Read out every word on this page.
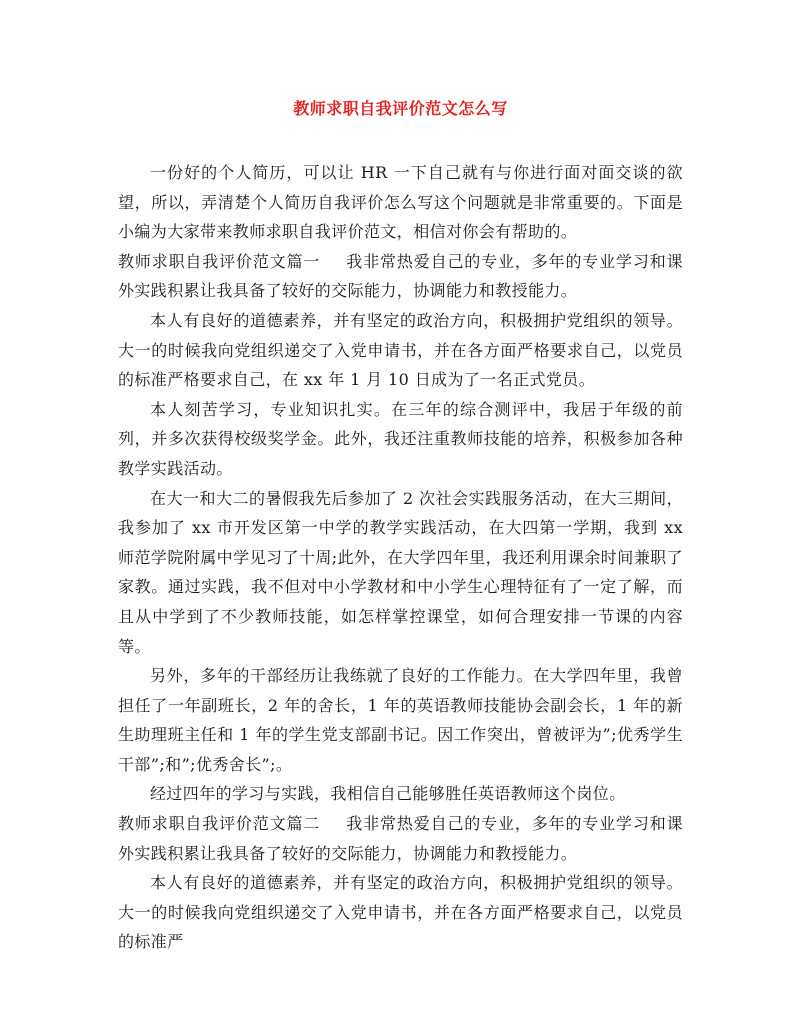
教师求职自我评价范文怎么写

一份好的个人简历，可以让 HR 一下自己就有与你进行面对面交谈的欲望，所以，弄清楚个人简历自我评价怎么写这个问题就是非常重要的。下面是小编为大家带来教师求职自我评价范文，相信对你会有帮助的。

教师求职自我评价范文篇一 我非常热爱自己的专业，多年的专业学习和课外实践积累让我具备了较好的交际能力，协调能力和教授能力。

本人有良好的道德素养，并有坚定的政治方向，积极拥护党组织的领导。大一的时候我向党组织递交了入党申请书，并在各方面严格要求自己，以党员的标准严格要求自己，在 xx 年 1 月 10 日成为了一名正式党员。

本人刻苦学习，专业知识扎实。在三年的综合测评中，我居于年级的前列，并多次获得校级奖学金。此外，我还注重教师技能的培养，积极参加各种教学实践活动。

在大一和大二的暑假我先后参加了 2 次社会实践服务活动，在大三期间，我参加了 xx 市开发区第一中学的教学实践活动，在大四第一学期，我到 xx 师范学院附属中学见习了十周;此外，在大学四年里，我还利用课余时间兼职了家教。通过实践，我不但对中小学教材和中小学生心理特征有了一定了解，而且从中学到了不少教师技能，如怎样掌控课堂，如何合理安排一节课的内容等。

另外，多年的干部经历让我练就了良好的工作能力。在大学四年里，我曾担任了一年副班长，2 年的舍长，1 年的英语教师技能协会副会长，1 年的新生助理班主任和 1 年的学生党支部副书记。因工作突出，曾被评为”;优秀学生干部”;和”;优秀舍长”;。

经过四年的学习与实践，我相信自己能够胜任英语教师这个岗位。

教师求职自我评价范文篇二 我非常热爱自己的专业，多年的专业学习和课外实践积累让我具备了较好的交际能力，协调能力和教授能力。

本人有良好的道德素养，并有坚定的政治方向，积极拥护党组织的领导。大一的时候我向党组织递交了入党申请书，并在各方面严格要求自己，以党员的标准严
